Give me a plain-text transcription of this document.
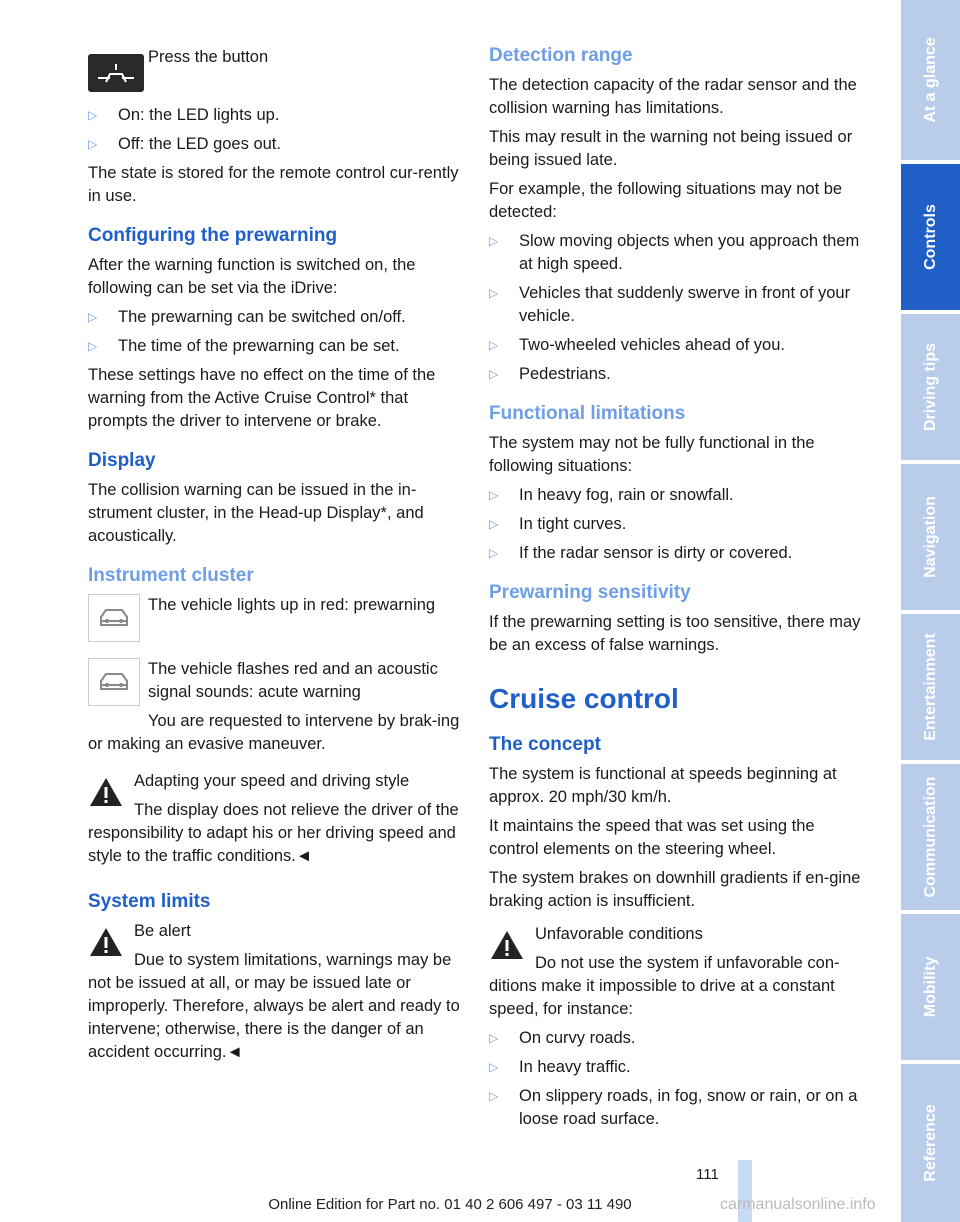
Press the button

▷ On: the LED lights up.
▷ Off: the LED goes out.

The state is stored for the remote control cur-rently in use.

Configuring the prewarning

After the warning function is switched on, the following can be set via the iDrive:

▷ The prewarning can be switched on/off.
▷ The time of the prewarning can be set.

These settings have no effect on the time of the warning from the Active Cruise Control* that prompts the driver to intervene or brake.

Display

The collision warning can be issued in the in-strument cluster, in the Head-up Display*, and acoustically.

Instrument cluster

The vehicle lights up in red: prewarning

The vehicle flashes red and an acoustic signal sounds: acute warning

You are requested to intervene by brak-ing or making an evasive maneuver.

Adapting your speed and driving style

The display does not relieve the driver of the responsibility to adapt his or her driving speed and style to the traffic conditions.◄

System limits

Be alert

Due to system limitations, warnings may be not be issued at all, or may be issued late or improperly. Therefore, always be alert and ready to intervene; otherwise, there is the danger of an accident occurring.◄

Detection range

The detection capacity of the radar sensor and the collision warning has limitations.

This may result in the warning not being issued or being issued late.

For example, the following situations may not be detected:

▷ Slow moving objects when you approach them at high speed.
▷ Vehicles that suddenly swerve in front of your vehicle.
▷ Two-wheeled vehicles ahead of you.
▷ Pedestrians.
Functional limitations

The system may not be fully functional in the following situations:

▷ In heavy fog, rain or snowfall.
▷ In tight curves.
▷ If the radar sensor is dirty or covered.
Prewarning sensitivity

If the prewarning setting is too sensitive, there may be an excess of false warnings.

Cruise control
The concept

The system is functional at speeds beginning at approx. 20 mph/30 km/h.

It maintains the speed that was set using the control elements on the steering wheel.

The system brakes on downhill gradients if en-gine braking action is insufficient.

Unfavorable conditions

Do not use the system if unfavorable con-ditions make it impossible to drive at a constant speed, for instance:

▷ On curvy roads.
▷ In heavy traffic.
▷ On slippery roads, in fog, snow or rain, or on a loose road surface.
At a glance
Controls
Driving tips
Navigation
Entertainment
Communication
Mobility
Reference
111
Online Edition for Part no. 01 40 2 606 497 - 03 11 490	carmanualsonline.info
